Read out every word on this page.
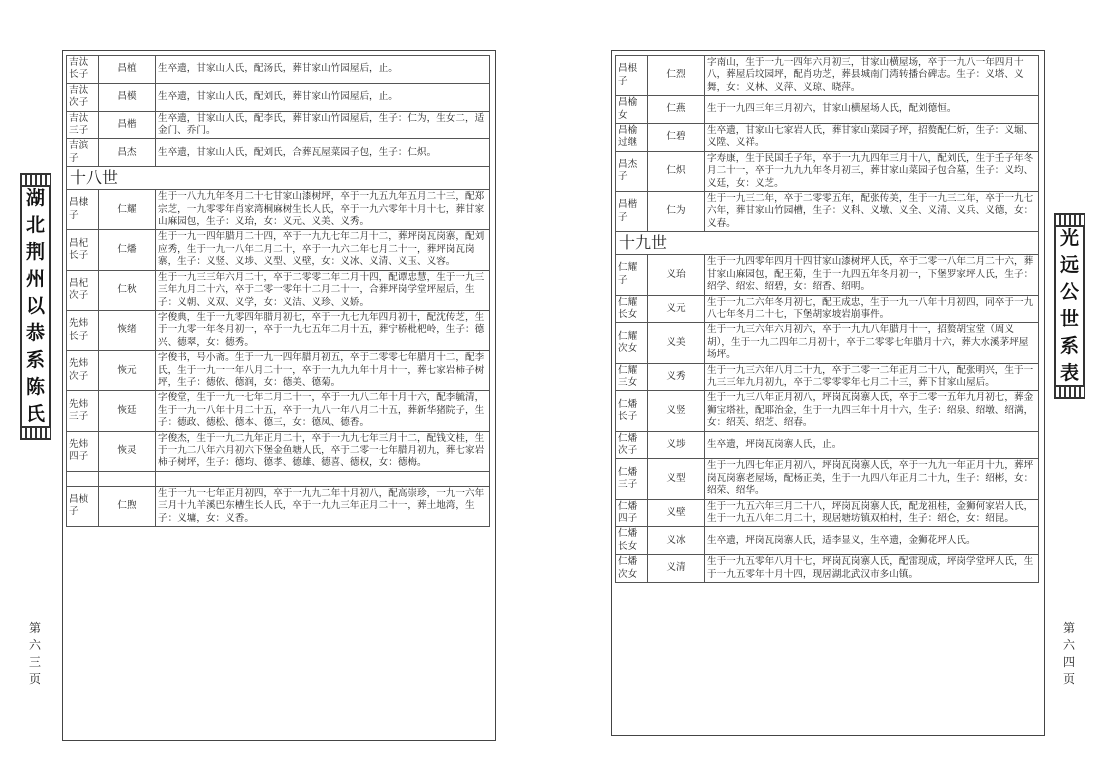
湖
北
荆
州
以
恭
系
陈
氏
光
远
公
世
系
表
第
六
三
页
第
六
四
页
吉汰长子	昌植	生卒遗，甘家山人氏，配汤氏，葬甘家山竹园屋后，止。
吉汰次子	昌模	生卒遗，甘家山人氏，配刘氏，葬甘家山竹园屋后，止。
吉汰三子	昌楷	生卒遗，甘家山人氏，配李氏，葬甘家山竹园屋后，生子：仁为，生女二，适金门、乔门。
吉滨子	昌杰	生卒遗，甘家山人氏，配刘氏，合葬瓦屋菜园子包，生子：仁炽。
十八世		
昌棣子	仁耀	生于一八九九年冬月二十七甘家山漆树坪，卒于一九五九年五月二十三，配郑宗芝，一九零零年肖家湾桐麻树生长人氏，卒于一九六零年十月十七，葬甘家山麻园包，生子：义珆，女：义元、义美、义秀。
昌杞长子	仁燔	生于一九一四年腊月二十四，卒于一九九七年二月十二，葬坪岗瓦岗寨，配刘应秀，生于一九一八年二月二十，卒于一九六二年七月二十一，葬坪岗瓦岗寨，生子：义竖、义埗、义型、义壁，女：义冰、义清、义玉、义容。
昌杞次子	仁秋	生于一九三三年六月二十，卒于二零零二年二月十四，配谭忠慧，生于一九三三年九月二十六，卒于二零一零年十二月二十一，合葬坪岗学堂坪屋后，生子：义朝、义双、义学，女：义洁、义珍、义娇。
先炜长子	恢绪	字俊典，生于一九零四年腊月初七，卒于一九七九年四月初十，配沈传芝，生于一九零一年冬月初一，卒于一九七五年二月十五，葬宁桥枇杷岭，生子：德兴、德翠，女：德秀。
先炜次子	恢元	字俊书，号小斋。生于一九一四年腊月初五，卒于二零零七年腊月十二，配李氏，生于一九一一年八月二十一，卒于一九九九年十月十一，葬七家岩柿子树坪，生子：德依、德润，女：德美、德菊。
先炜三子	恢廷	字俊堂，生于一九一七年二月二十一，卒于一九八二年十月十六，配李毓清，生于一九一八年十月二十五，卒于一九八一年八月二十五，葬新华猪院子，生子：德政、德松、德本、德三，女：德凤、德香。
先炜四子	恢灵	字俊杰，生于一九二九年正月二十，卒于一九九七年三月十二，配钱文桂，生于一九二八年六月初六下堡金鱼塘人氏，卒于二零一七年腊月初九，葬七家岩柿子树坪，生子：德均、德孝、德雄、德喜、德权，女：德梅。

昌桢子	仁煦	生于一九一七年正月初四，卒于一九九二年十月初八，配高崇珍，一九一六年三月十九羊溪巴东槽生长人氏，卒于一九九三年正月二十一，葬土地湾，生子：义墉，女：义香。
昌根子	仁烈	字南山，生于一九一四年六月初三，甘家山横屋场，卒于一九八一年四月十八，葬屋后坟园坪，配肖功芝，葬县城南门湾转播台碑志。生子：义塔、义舞，女：义林、义萍、义琼、晓萍。
昌榆女	仁燕	生于一九四三年三月初六，甘家山横屋场人氏，配刘德恒。
昌榆过继	仁碧	生卒遗，甘家山七家岩人氏，葬甘家山菜园子坪，招赘配仁炘，生子：义堀、义陞、义祥。
昌杰子	仁炽	字寿康，生于民国壬子年，卒于一九九四年三月十八，配刘氏，生于壬子年冬月二十一，卒于一九九九年冬月初三，葬甘家山菜园子包合墓，生子：义均、义廷，女：义芝。
昌楷子	仁为	生于一九三二年，卒于二零零五年，配张传美，生于一九三二年，卒于一九七六年，葬甘家山竹园槽，生子：义科、义墩、义全、义清、义兵、义德，女：义春。
十九世		
仁耀子	义珆	生于一九四零年四月十四甘家山漆树坪人氏，卒于二零一八年二月二十六，葬甘家山麻园包，配王菊，生于一九四五年冬月初一，下堡罗家坪人氏，生子：绍学、绍宏、绍碧，女：绍香、绍明。
仁耀长女	义元	生于一九二六年冬月初七，配王成忠，生于一九一八年十月初四，同卒于一九八七年冬月二十七，下堡胡家坡岩崩事件。
仁耀次女	义美	生于一九三六年六月初六，卒于一九九八年腊月十一，招赘胡宝堂（周义胡），生于一九二四年二月初十，卒于二零零七年腊月十六，葬大水溪茅坪屋场坪。
仁耀三女	义秀	生于一九三六年八月二十九，卒于二零一二年正月二十八，配张明兴，生于一九三三年九月初九，卒于二零零零年七月二十三，葬下甘家山屋后。
仁燔长子	义竖	生于一九三八年正月初八，坪岗瓦岗寨人氏，卒于二零一五年九月初七，葬金狮宝塔社，配耶治金，生于一九四三年十月十六，生子：绍泉、绍墩、绍满，女：绍芙、绍芝、绍春。
仁燔次子	义埗	生卒遗，坪岗瓦岗寨人氏，止。
仁燔三子	义型	生于一九四七年正月初八，坪岗瓦岗寨人氏，卒于一九九一年正月十九，葬坪岗瓦岗寨老屋场，配杨正美，生于一九四八年正月二十九，生子：绍彬，女：绍荣、绍华。
仁燔四子	义壁	生于一九五六年三月二十八，坪岗瓦岗寨人氏，配龙祖桂，金狮何家岩人氏，生于一九五八年二月二十，现居塘坊镇双柏村，生子：绍仑，女：绍昆。
仁燔长女	义冰	生卒遗，坪岗瓦岗寨人氏，适李显义，生卒遗，金狮花坪人氏。
仁燔次女	义清	生于一九五零年八月十七，坪岗瓦岗寨人氏，配雷现成，坪岗学堂坪人氏，生于一九五零年十月十四，现居湖北武汉市多山镇。
